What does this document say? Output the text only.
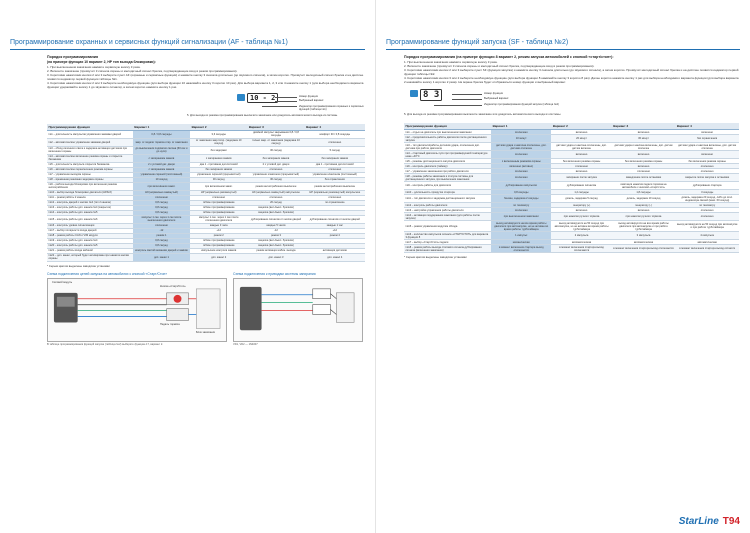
Программирование охранных и сервисных функций сигнализации (AF - таблица №1)
Порядок программирования
(на примере функции 10 вариант 2, НР тип выхода блокировки):

1. При выключенном зажигании нажмите сервисную кнопку 3 раза.

2. Включите зажигание (прозвучит 3 сигнала сирены и мелодичный сигнал брелка, подтверждающие вход в режим программирования).

3. Короткими нажатиями кнопки 2 или 3 выберите пункт AF (охранные и сервисные функции) и нажмите кнопку 3 сначала длительно (до звукового сигнала), а затем коротко. Прозвучит мелодичный сигнал брелка и на дисплее появится индикатор первой функции таблицы №1.

4. Короткими нажатиями кнопок 2 или 3 выберите необходимую функцию (для выбора функции 10 нажимайте кнопку 3 коротко 10 раз). Для выбора варианта 1, 2, 3 или 4 нажмите кнопку 1 (для выбора необходимого варианта функции удерживайте кнопку 1 до звукового сигнала), а затем коротко нажмите кнопку 1 раз.

10 - 2	Номер функции
Выбранный вариант
Индикатор программирования охранных и сервисных функций (таблица №1)

5. Для выхода из режима программирования выключите зажигание или дождитесь автоматического выхода из системы.

Программируемая функция	Вариант 1	Вариант 2	Вариант 3	Вариант 4
№1 – длительность импульсов управления замками дверей	0,8 / 0,8 секунды	3,6 секунды	двойной импульс закрывания 0,8 / 0,8 секунды	комфорт 30 / 0,8 секунды
№2 – автоматическое управление замками дверей	закр. от педали тормоза откр. от зажигания	от зажигания закр./откр. (задержка 10 секунд)	только закр. от зажигания (задержка 10 секунд)	отключено
№3 – обход салонного света и задержка активации датчиков при включении охраны	до выключения подсветки салона (60 сек и до нуля)	без задержки	30 секунд	5 секунд
№4 – автоматическое включение режима охраны и открытие багажника	с запиранием замков	с запиранием замков	без запирания замков	без запирания замков
№5 – длительность импульса открытия багажника	2 х угловой дат. двери	два 1 - противная дат.системой	2 х угловой дат. двери	два 1 - противная дат.системой
№6 – автоматическое переключение режима охраны	с запиранием замков	без запирания замков	отключено	отключено
№7 – управление выходом сирены	управление сиреной (постоянный)	управление сиреной (прерывистый)	управление клаксоном (прерывистый)	управление клаксоном (постоянный)
№8 – временная режимная задержка охраны	10 секунд	30 секунд	30 секунд	без ограничения
№9 – работа выхода блокировки при включении режима антиограбления	при включённом зажиг.	при включённом зажиг.	режим антиограбления выключен	режим антиограбления выключен
№10 – выбор выхода блокировки двигателя (НР/НЗ)	НЗ (нормально замкнутый)	НР (нормально разомкнутый)	НЗ (нормально замкнутый) импульсное	НР (нормально разомкнутый) импульсное
№11 – режим работы 2 канала	отключено	отключено	отключено	отключено
№12 – контроль дверей с кнопки №4 (тип 2 канала)	0,8 секунд	гибкое программирование	20 секунд	по ограничению
№13 – контроль работы доп. канала №4 (закрытие)	0,8 секунд	гибкое программирование	защелка (вкл./выкл. брелком)	
№14 – контроль работы доп. канала №5	0,8 секунд	гибкое программирование	защелка (вкл./выкл. брелком)	
№15 – контроль работы доп. канала №6	импульс 1 сек. через 1 сек после выключения двигателя	импульс 1 сек. через 1 сек после отключения двигателя	дублирование сигналов от кнопок дверей	дублирование сигналов от кнопок дверей
№16 – контроль уровня сигнализации	отключено	каждые 3 часа	каждые 5 часов	каждые 1 час
№17 – выбор полярности входа дверей	-12	+12	-12	+12
№18 – режим работы CAN и VIM модуля	режим 1	режим 2	режим 3	режим 4
№19 – контроль работы доп. канала №4	0,8 секунд	гибкое программирование	защелка (вкл./выкл. брелком)	
№20 – контроль работы доп. канала №5	0,8 секунд	гибкое программирование	защелка (вкл./выкл. брелком)	
№21 – режим работы входа кабиной	контроль светой механики дверей и замков	импульсное контроля замков	режим активации кабин. выхода	активация датчиков
№22 – доп. канал, который будет активирован при нажатии кнопки охраны	доп. канал 1	доп. канал 2	доп. канал 3	доп. канал 4
* Серым цветом выделены заводские установки
Схема подключения цепей запуска на автомобилях с кнопкой «Старт/Стоп»
Силовой модуль
Кнопка «Старт/Стоп»
Педаль тормоза
Блок зажигания
В таблице программирования функций запуска (таблица №2) выберите функцию 17, вариант 2.
Схема подключения к приводам системы запирания
VD1, VD2 — 1N4007
Программирование функций запуска (SF - таблица №2)
Порядок программирования (на примере функции 8 вариант 2, режим запуска автомобилей с кнопкой «старт/стоп»):

1. При выключенном зажигании нажмите сервисную кнопку 3 раза.

2. Включите зажигание (прозвучит 3 сигнала сирены и мелодичный сигнал брелка, подтверждающие вход в режим программирования).

3. Короткими нажатиями кнопок 2 или 3 выберите пункт SF (функции запуска) и нажмите кнопку 3 сначала длительно (до звукового сигнала), а затем коротко. Прозвучит мелодичный сигнал брелка и на дисплее появится индикатор первой функции таблицы №2.

4. Короткими нажатиями кнопки 3 или 2 выберите необходимую функцию (для выбора функции 8 нажимайте кнопку 3 коротко 8 раз). Далее коротко нажмите кнопку 1 раз для выбора необходимого варианта функции (для выбора варианта 2 нажимайте кнопку 1 коротко 2 раза). На экране брелка будет отображаться номер функции и выбранный вариант.

8 3	Номер функции
Выбранный вариант
Индикатор программирования функций запуска (таблица №2)

5. Для выхода из режима программирования выключите зажигание или дождитесь автоматического выхода из системы.

Программируемая функция	Вариант 1	Вариант 2	Вариант 3	Вариант 4
№1 – отдых на двигатель при выключенном зажигании	отключено	включено	включено	включено
№2 – продолжительность работы двигателя после дистанционного запуска	10 минут	20 минут	30 минут	без ограничения
№3 – тип двигателя/работы датчиков удара, отключение доп. датчика при работе двигателя	датчики удара и наклона отключены, доп. датчики отключен	датчики удара и наклона отключены, доп. датчик включен	датчики удара и наклона включены, доп. датчик отключен	датчики удара и наклона включены, доп. датчик отключен
№4 – стартовый двигатель пуск при программируемой температуре ниже +40°C	отключено	включено	включено	включено
№5 – режимы дистанционного запуска двигателя	с включенным режимом охраны	без включения режима охраны	без включения режима охраны	без включения режима охраны
№6 – контроль двигателя (таймер)	включено (активно)	отключено	включено	отключено
№7 – управление зажиганием при работе двигателя	отключено	включено	отключено	отключено
№8 – режимы работы зажигания и статуса системы для дистанционного запуска, при выключении зажигания	отключено	запирание после запуска	замедление после остановки	закрытие после запуска и остановки
№9 – контроль работы для двигателя	дублирование импульсом	дублирование сигналом	имитация нажатия педали тормоза на автомобиле с кнопкой «старт/стоп»	дублирование стартера
№10 – длительность прокрутки стартера	0,8 секунды	1,2 секунды	1,8 секунды	3 секунды
№11 – тип двигателя и задержка дистанционного запуска	бензин, задержка 2 секунды	дизель, задержка 5 секунд	дизель, задержка 10 секунд	дизель, задержка 20 секунд, либо до откл. индикатора свечей (макс. 60 секунд)
№12 – контроль работы двигателя	по тахометру	генератору (+)	генератору (-)	по тахометру
№13 – настройки управления работы двигателя	отключено	включено	включено	отключено
№14 – активация поддержания зажигания (для работы после запуска)	при выключенном зажигании	при нажатии ручного тормоза	при нажатии ручного тормоза	отключено
№15 – режим управления модулем обхода	выход активируется на все время работы двигателя при автозапуске, но не активен во время работы турботаймера	выход активируется на 50 секунд при автозапуске, но не активен во время работы турботаймера	выход активируется на все время работы двигателя при автозапуске и при работе турботаймера	выход активируется на 50 секунд при автозапуске и при работе турботаймера
№16 – количество импульсов сигнала «СТАРТ/СТОП» для варианта 3 функции 8	1 импульс	2 импульса	3 импульса	4 импульса
№17 – выбор «Старт/Стоп» педали	механическая	автоматическая	автоматическая	автоматическая
№18 – режим работы выхода стопового сигнала дублирования сигнала (включения зажигания)	в момент включения стартера выход отключается	в момент включения стартера выход отключается	в момент включения стартера выход отключается	в момент включения стартера выход остается
* Серым цветом выделены заводские установки
StarLine T94
